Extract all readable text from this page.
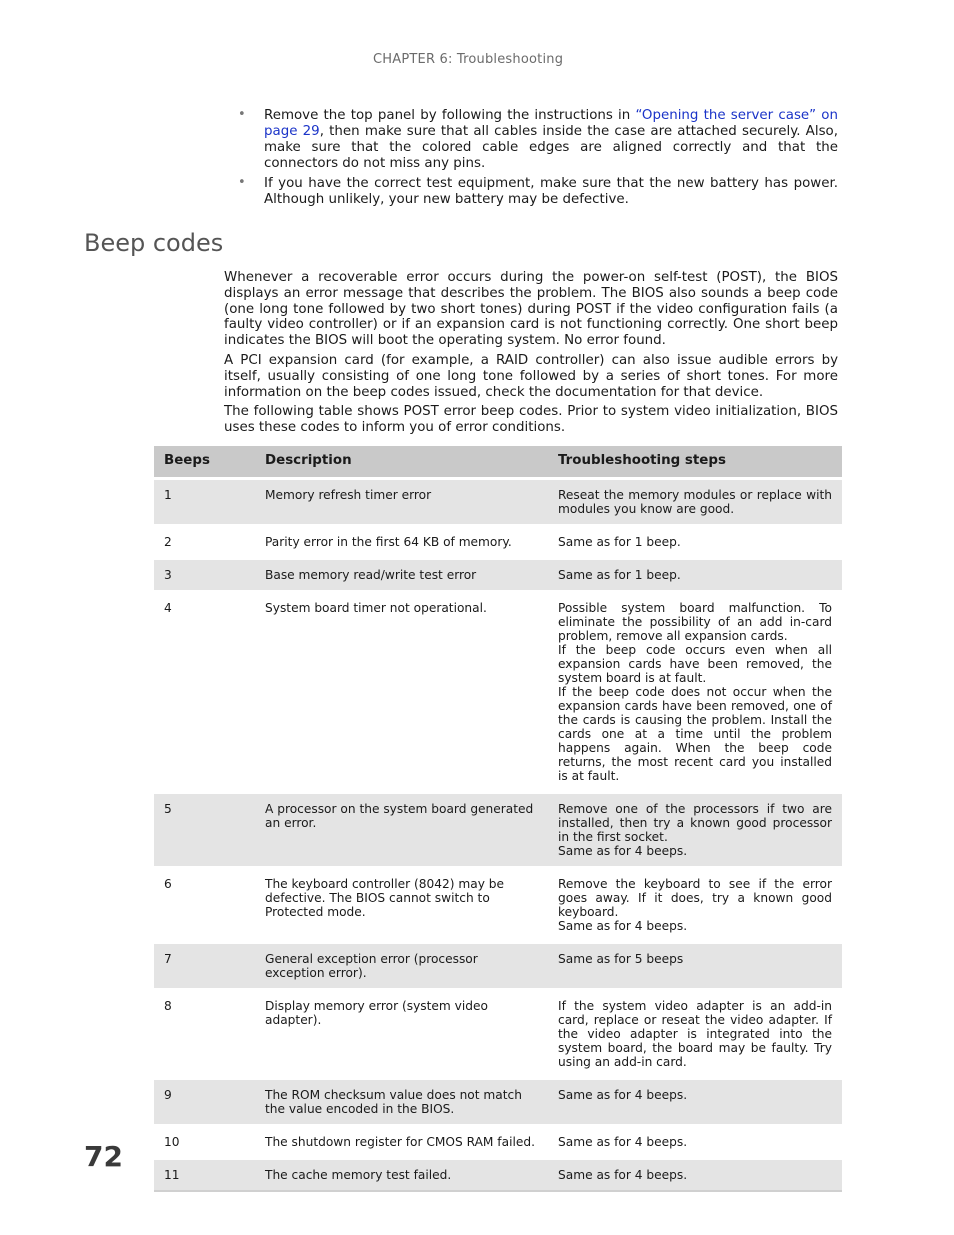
CHAPTER 6: Troubleshooting
• Remove the top panel by following the instructions in “Opening the server case” on page 29, then make sure that all cables inside the case are attached securely. Also, make sure that the colored cable edges are aligned correctly and that the connectors do not miss any pins.
• If you have the correct test equipment, make sure that the new battery has power. Although unlikely, your new battery may be defective.
Beep codes

Whenever a recoverable error occurs during the power-on self-test (POST), the BIOS displays an error message that describes the problem. The BIOS also sounds a beep code (one long tone followed by two short tones) during POST if the video configuration fails (a faulty video controller) or if an expansion card is not functioning correctly. One short beep indicates the BIOS will boot the operating system. No error found.

A PCI expansion card (for example, a RAID controller) can also issue audible errors by itself, usually consisting of one long tone followed by a series of short tones. For more information on the beep codes issued, check the documentation for that device.

The following table shows POST error beep codes. Prior to system video initialization, BIOS uses these codes to inform you of error conditions.

Beeps	Description	Troubleshooting steps
1	Memory refresh timer error	Reseat the memory modules or replace with modules you know are good.

2	Parity error in the first 64 KB of memory.	Same as for 1 beep.

3	Base memory read/write test error	Same as for 1 beep.

4	System board timer not operational.	Possible system board malfunction. To eliminate the possibility of an add in-card problem, remove all expansion cards.
If the beep code occurs even when all expansion cards have been removed, the system board is at fault.
If the beep code does not occur when the expansion cards have been removed, one of the cards is causing the problem. Install the cards one at a time until the problem happens again. When the beep code returns, the most recent card you installed is at fault.

5	A processor on the system board generated an error.	Remove one of the processors if two are installed, then try a known good processor in the first socket.
Same as for 4 beeps.

6	The keyboard controller (8042) may be defective. The BIOS cannot switch to Protected mode.	Remove the keyboard to see if the error goes away. If it does, try a known good keyboard.
Same as for 4 beeps.

7	General exception error (processor exception error).	Same as for 5 beeps

8	Display memory error (system video adapter).	If the system video adapter is an add-in card, replace or reseat the video adapter. If the video adapter is integrated into the system board, the board may be faulty. Try using an add-in card.

9	The ROM checksum value does not match the value encoded in the BIOS.	Same as for 4 beeps.

10	The shutdown register for CMOS RAM failed.	Same as for 4 beeps.

11	The cache memory test failed.	Same as for 4 beeps.
72
